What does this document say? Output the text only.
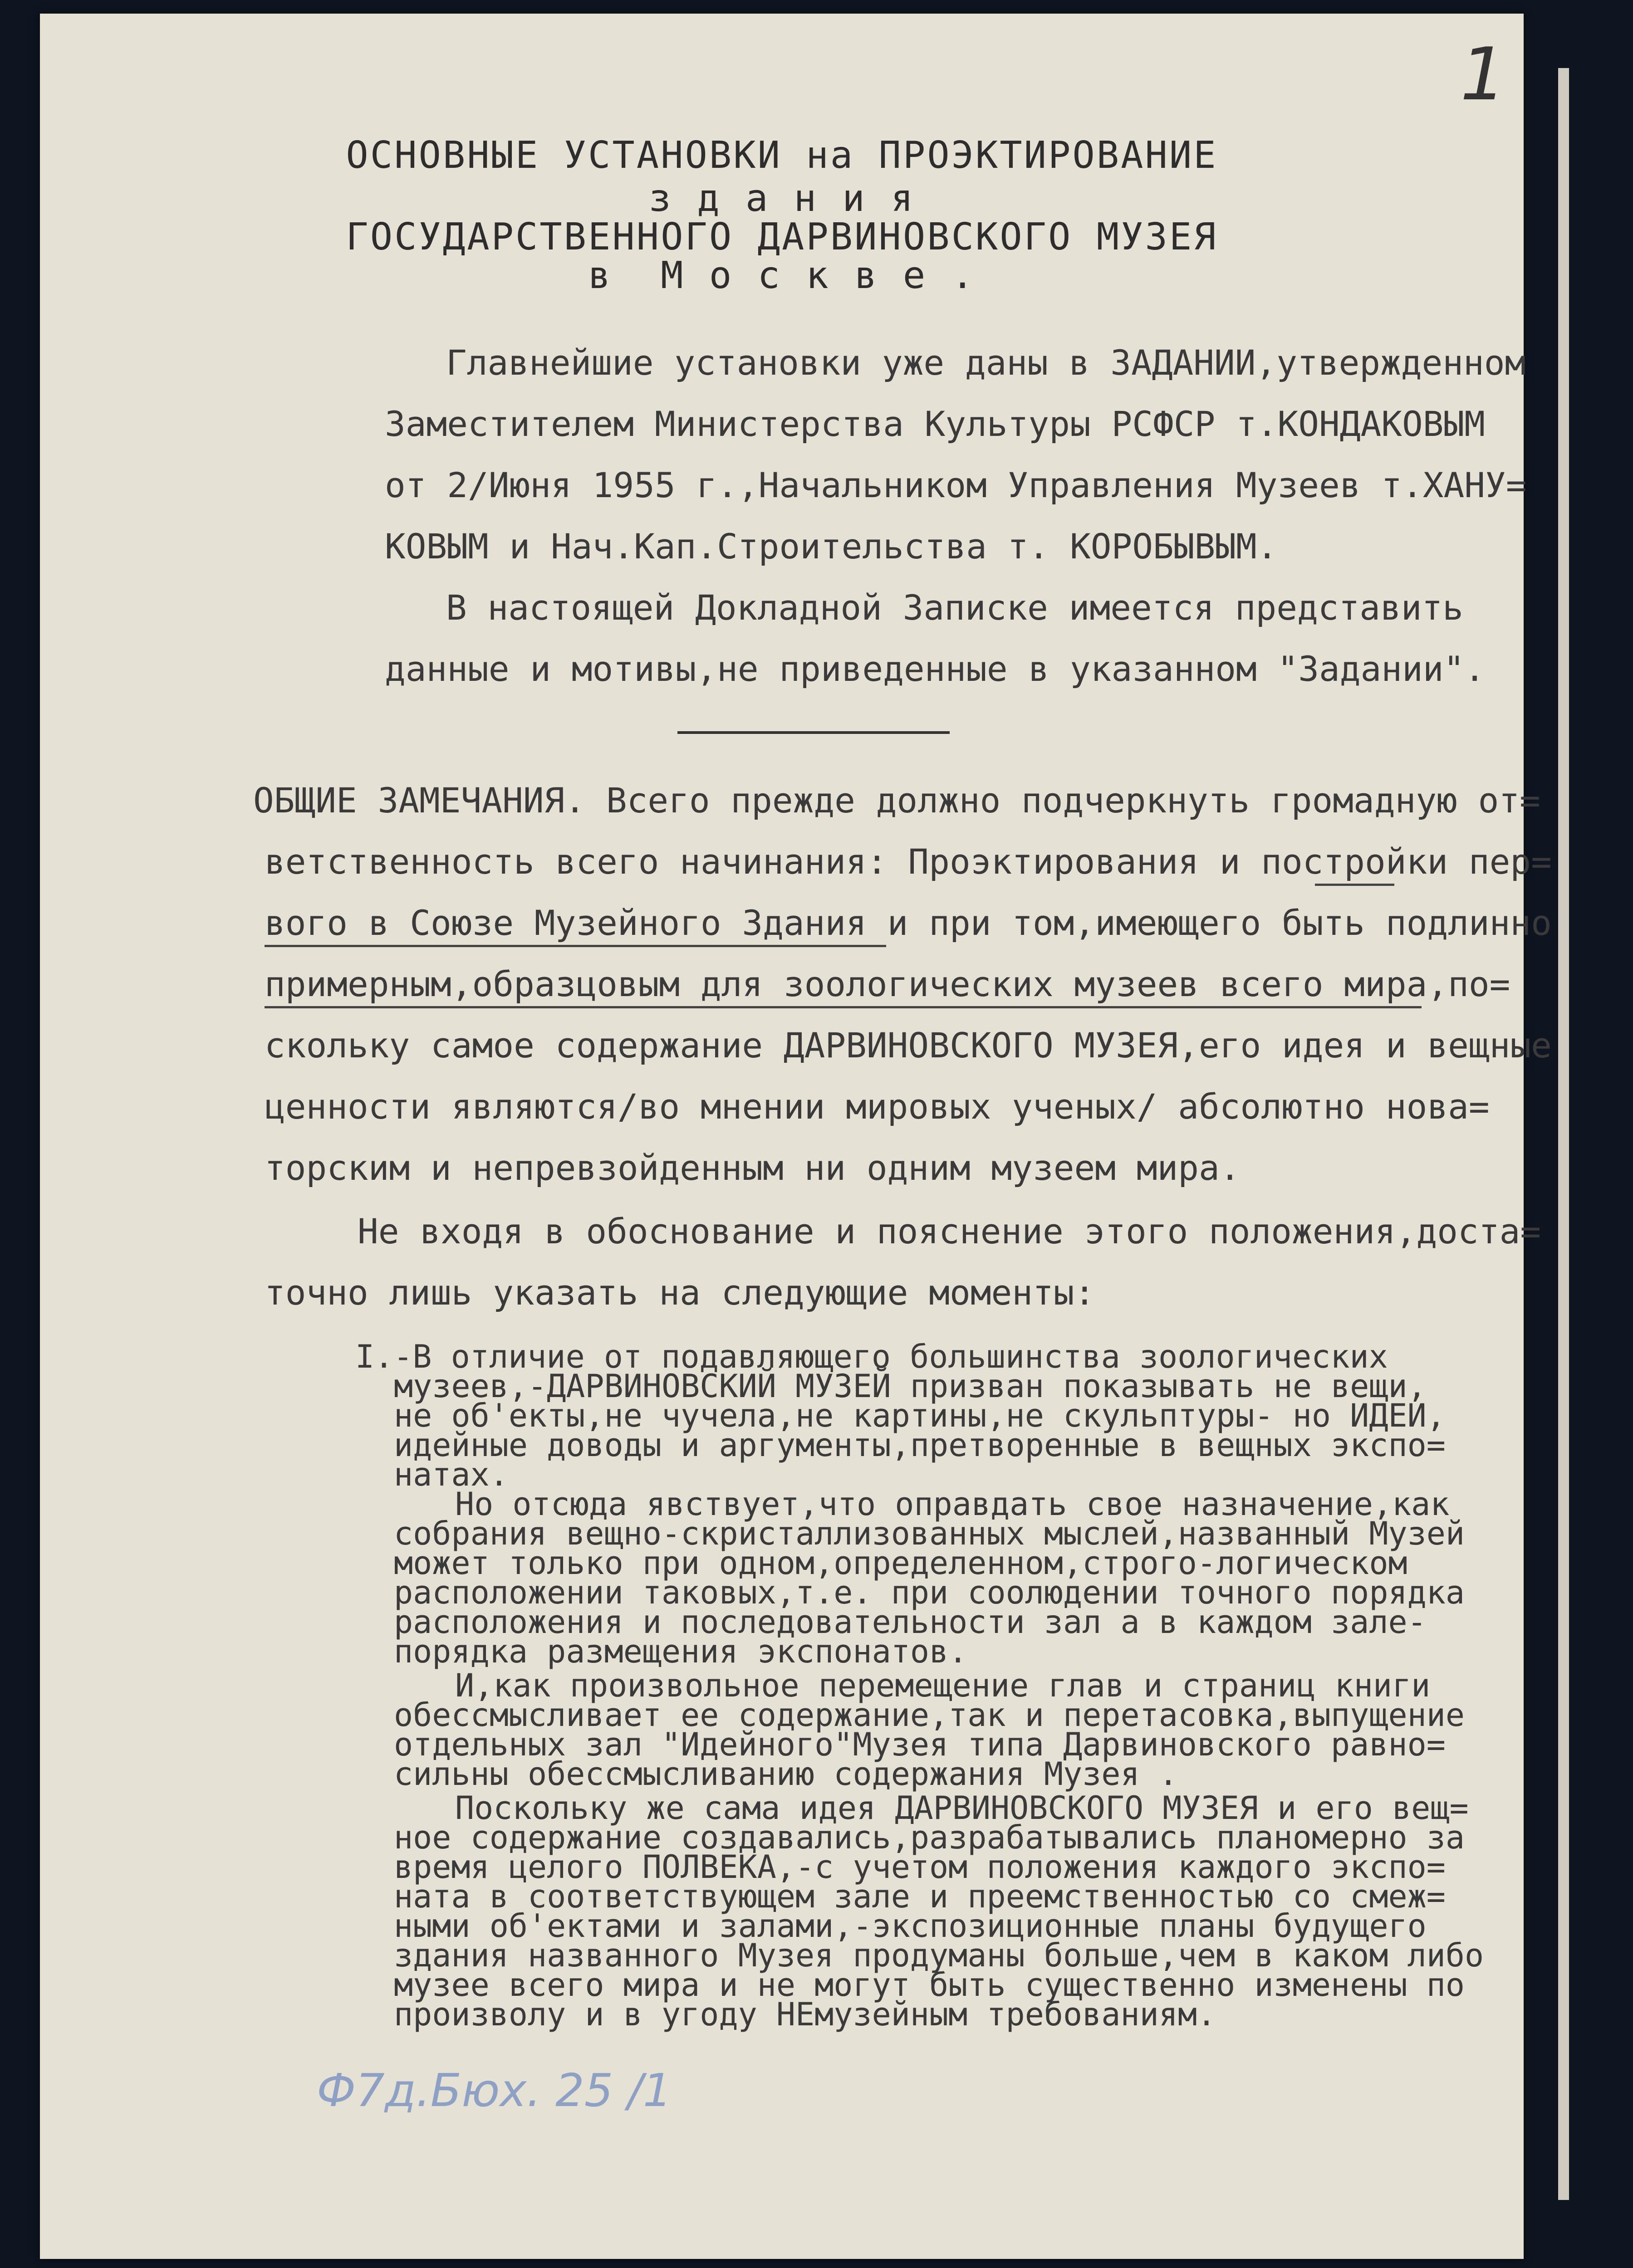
1
ОСНОВНЫЕ УСТАНОВКИ на ПРОЭКТИРОВАНИЕ
з д а н и я
ГОСУДАРСТВЕННОГО ДАРВИНОВСКОГО МУЗЕЯ
в  М о с к в е .
Главнейшие установки уже даны в ЗАДАНИИ,утвержденном
Заместителем Министерства Культуры РСФСР т.КОНДАКОВЫМ
от 2/Июня 1955 г.,Начальником Управления Музеев т.ХАНУ=
КОВЫМ и Нач.Кап.Строительства т. КОРОБЫВЫМ.
В настоящей Докладной Записке имеется представить
данные и мотивы,не приведенные в указанном "Задании".
ОБЩИЕ ЗАМЕЧАНИЯ. Всего прежде должно подчеркнуть громадную от=
ветственность всего начинания: Проэктирования и постройки пер=
вого в Союзе Музейного Здания и при том,имеющего быть подлинно
примерным,образцовым для зоологических музеев всего мира,по=
скольку самое содержание ДАРВИНОВСКОГО МУЗЕЯ,его идея и вещные
ценности являются/во мнении мировых ученых/ абсолютно нова=
торским и непревзойденным ни одним музеем мира.
Не входя в обоснование и пояснение этого положения,доста=
точно лишь указать на следующие моменты:
I.-В отличие от подавляющего большинства зоологических
музеев,-ДАРВИНОВСКИЙ МУЗЕЙ призван показывать не вещи,
не об'екты,не чучела,не картины,не скульптуры- но ИДЕИ,
идейные доводы и аргументы,претворенные в вещных экспо=
натах.
Но отсюда явствует,что оправдать свое назначение,как
собрания вещно-скристаллизованных мыслей,названный Музей
может только при одном,определенном,строго-логическом
расположении таковых,т.е. при соолюдении точного порядка
расположения и последовательности зал а в каждом зале-
порядка размещения экспонатов.
И,как произвольное перемещение глав и страниц книги
обессмысливает ее содержание,так и перетасовка,выпущение
отдельных зал "Идейного"Музея типа Дарвиновского равно=
сильны обессмысливанию содержания Музея .
Поскольку же сама идея ДАРВИНОВСКОГО МУЗЕЯ и его вещ=
ное содержание создавались,разрабатывались планомерно за
время целого ПОЛВЕКА,-с учетом положения каждого экспо=
ната в соответствующем зале и преемственностью со смеж=
ными об'ектами и залами,-экспозиционные планы будущего
здания названного Музея продуманы больше,чем в каком либо
музее всего мира и не могут быть существенно изменены по
произволу и в угоду НЕмузейным требованиям.
Ф7д.Бюх. 25 /1
